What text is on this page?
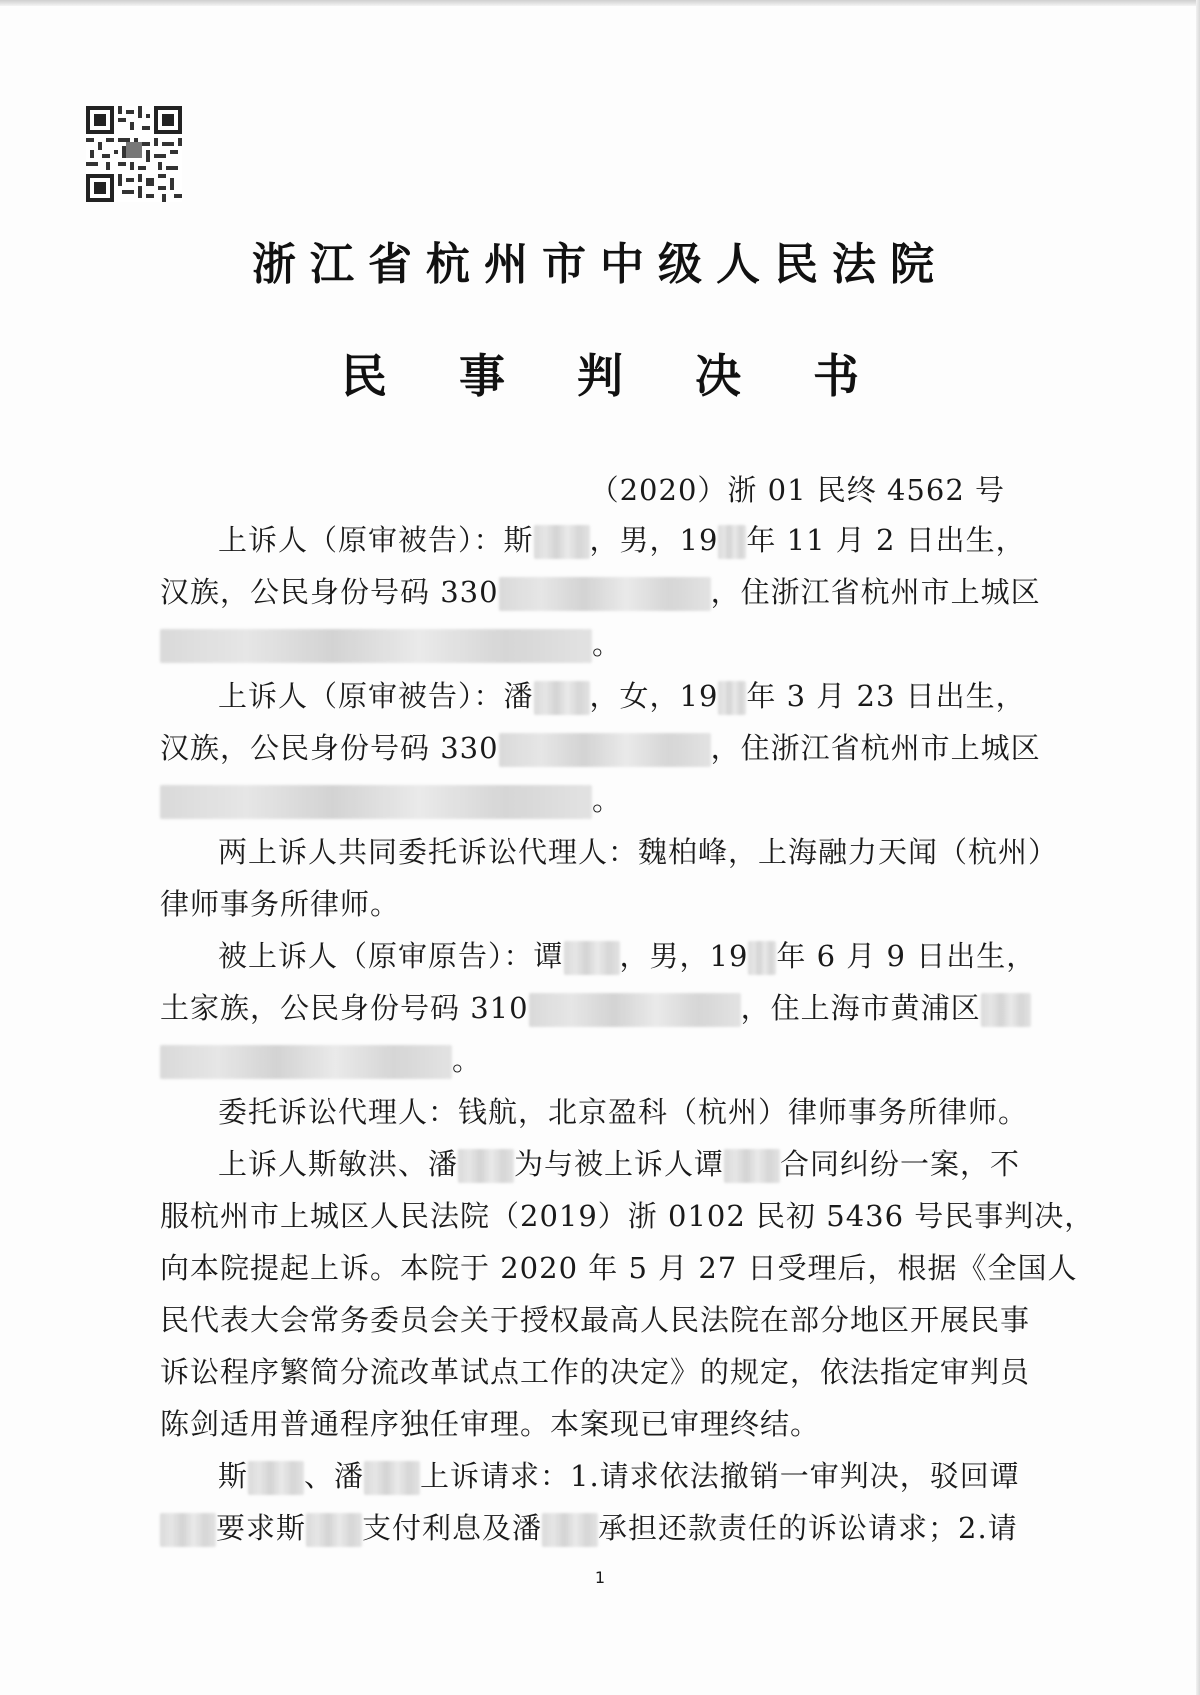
浙江省杭州市中级人民法院
民事判决书
（2020）浙 01 民终 4562 号
上诉人（原审被告）：斯 ，男，19 年 11 月 2 日出生，
汉族，公民身份号码 330	，住浙江省杭州市上城区
。
上诉人（原审被告）：潘 ，女，19 年 3 月 23 日出生，
汉族，公民身份号码 330	，住浙江省杭州市上城区
。
两上诉人共同委托诉讼代理人：魏柏峰，上海融力天闻（杭州）
律师事务所律师。
被上诉人（原审原告）：谭 ，男，19 年 6 月 9 日出生，
土家族，公民身份号码 310	，住上海市黄浦区
。
委托诉讼代理人：钱航，北京盈科（杭州）律师事务所律师。
上诉人斯敏洪、潘 为与被上诉人谭 合同纠纷一案，不
服杭州市上城区人民法院（2019）浙 0102 民初 5436 号民事判决，
向本院提起上诉。本院于 2020 年 5 月 27 日受理后，根据《全国人
民代表大会常务委员会关于授权最高人民法院在部分地区开展民事
诉讼程序繁简分流改革试点工作的决定》的规定，依法指定审判员
陈剑适用普通程序独任审理。本案现已审理终结。
斯 、潘 上诉请求：1.请求依法撤销一审判决，驳回谭
要求斯 支付利息及潘 承担还款责任的诉讼请求；2.请
1
